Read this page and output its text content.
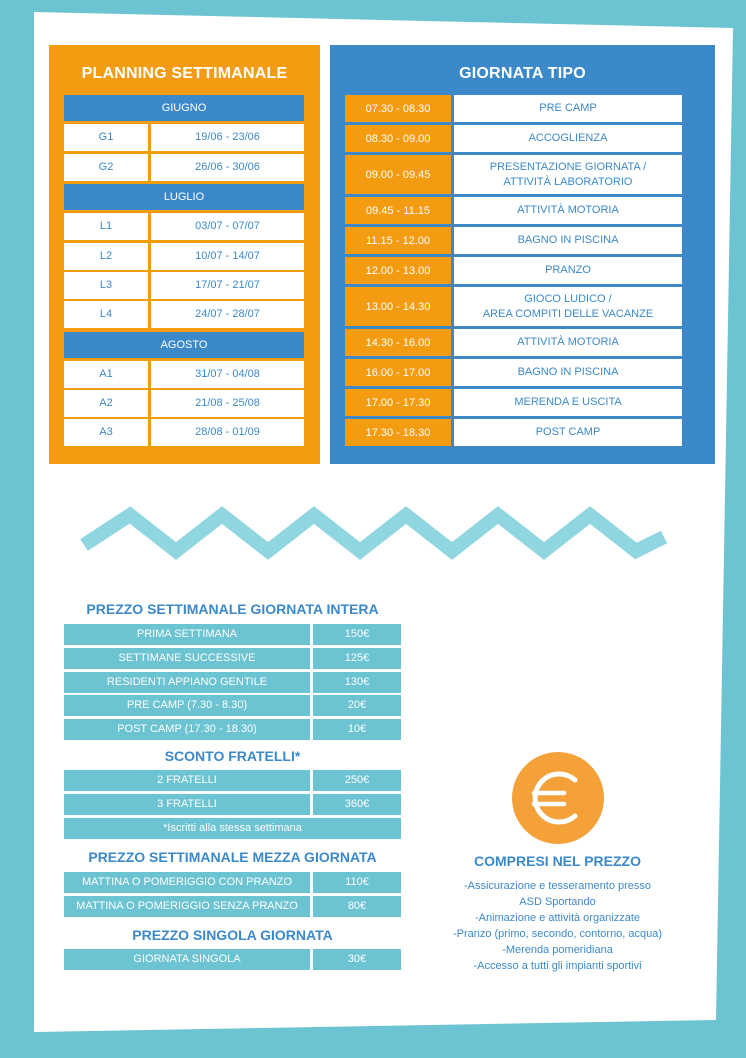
PLANNING SETTIMANALE
GIUGNO
G1	19/06 - 23/06
G2	26/06 - 30/06
LUGLIO
L1	03/07 - 07/07
L2	10/07 - 14/07
L3	17/07 - 21/07
L4	24/07 - 28/07
AGOSTO
A1	31/07 - 04/08
A2	21/08 - 25/08
A3	28/08 - 01/09
GIORNATA TIPO
07.30 - 08.30	PRE CAMP
08.30 - 09.00	ACCOGLIENZA
09.00 - 09.45
PRESENTAZIONE GIORNATA /
ATTIVITÀ LABORATORIO
09.45 - 11.15	ATTIVITÀ MOTORIA
11.15 - 12.00	BAGNO IN PISCINA
12.00 - 13.00	PRANZO
13.00 - 14.30
GIOCO LUDICO /
AREA COMPITI DELLE VACANZE
14.30 - 16.00	ATTIVITÀ MOTORIA
16.00 - 17.00	BAGNO IN PISCINA
17.00 - 17.30	MERENDA E USCITA
17.30 - 18.30	POST CAMP
PREZZO SETTIMANALE GIORNATA INTERA
PRIMA SETTIMANA	150€
SETTIMANE SUCCESSIVE	125€
RESIDENTI APPIANO GENTILE	130€
PRE CAMP (7.30 - 8.30)	20€
POST CAMP (17.30 - 18.30)	10€
SCONTO FRATELLI*
2 FRATELLI	250€
3 FRATELLI	360€
*Iscritti alla stessa settimana
PREZZO SETTIMANALE MEZZA GIORNATA
MATTINA O POMERIGGIO CON PRANZO	110€
MATTINA O POMERIGGIO SENZA PRANZO	80€
PREZZO SINGOLA GIORNATA
GIORNATA SINGOLA	30€
COMPRESI NEL PREZZO
-Assicurazione e tesseramento presso
ASD Sportando
-Animazione e attività organizzate
-Pranzo (primo, secondo, contorno, acqua)
-Merenda pomeridiana
-Accesso a tutti gli impianti sportivi
